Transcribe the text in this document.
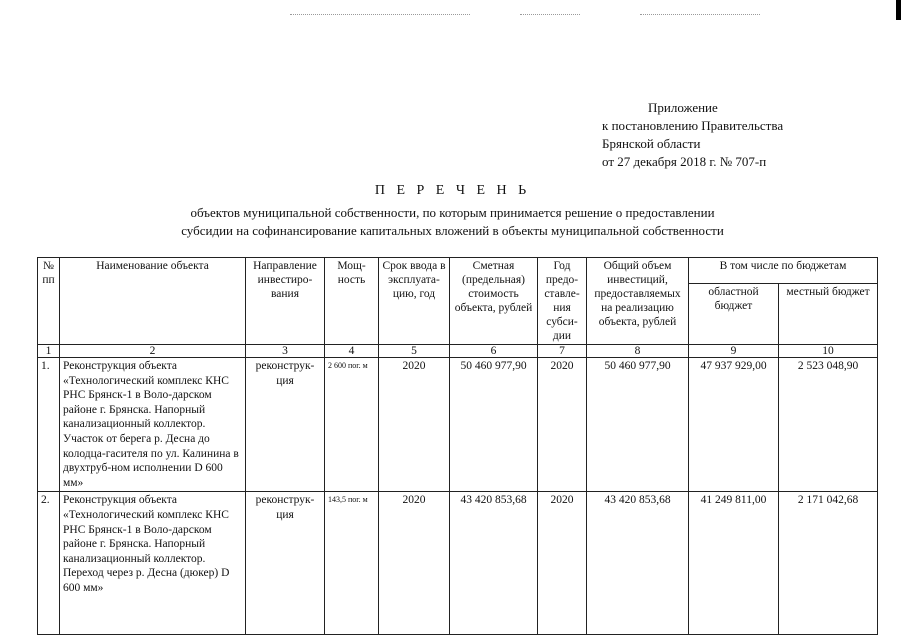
Приложение
к постановлению Правительства
Брянской области
от 27 декабря 2018 г. № 707-п
П Е Р Е Ч Е Н Ь
объектов муниципальной собственности, по которым принимается решение о предоставлении
субсидии на софинансирование капитальных вложений в объекты муниципальной собственности
№ пп	Наименование объекта	Направление инвестиро-вания	Мощ-ность	Срок ввода в эксплуата-цию, год	Сметная (предельная) стоимость объекта, рублей	Год предо-ставле-ния субси-дии	Общий объем инвестиций, предоставляемых на реализацию объекта, рублей	В том числе по бюджетам	
								областной бюджет	местный бюджет
1	2	3	4	5	6	7	8	9	10
1.	Реконструкция объекта «Технологический комплекс КНС РНС Брянск-1 в Воло-дарском районе г. Брянска. Напорный канализационный коллектор. Участок от берега р. Десна до колодца-гасителя по ул. Калинина в двухтруб-ном исполнении D 600 мм»	реконструк-ция	2 600 пог. м	2020	50 460 977,90	2020	50 460 977,90	47 937 929,00	2 523 048,90
2.	Реконструкция объекта «Технологический комплекс КНС РНС Брянск-1 в Воло-дарском районе г. Брянска. Напорный канализационный коллектор. Переход через р. Десна (дюкер) D 600 мм»	реконструк-ция	143,5 пог. м	2020	43 420 853,68	2020	43 420 853,68	41 249 811,00	2 171 042,68
